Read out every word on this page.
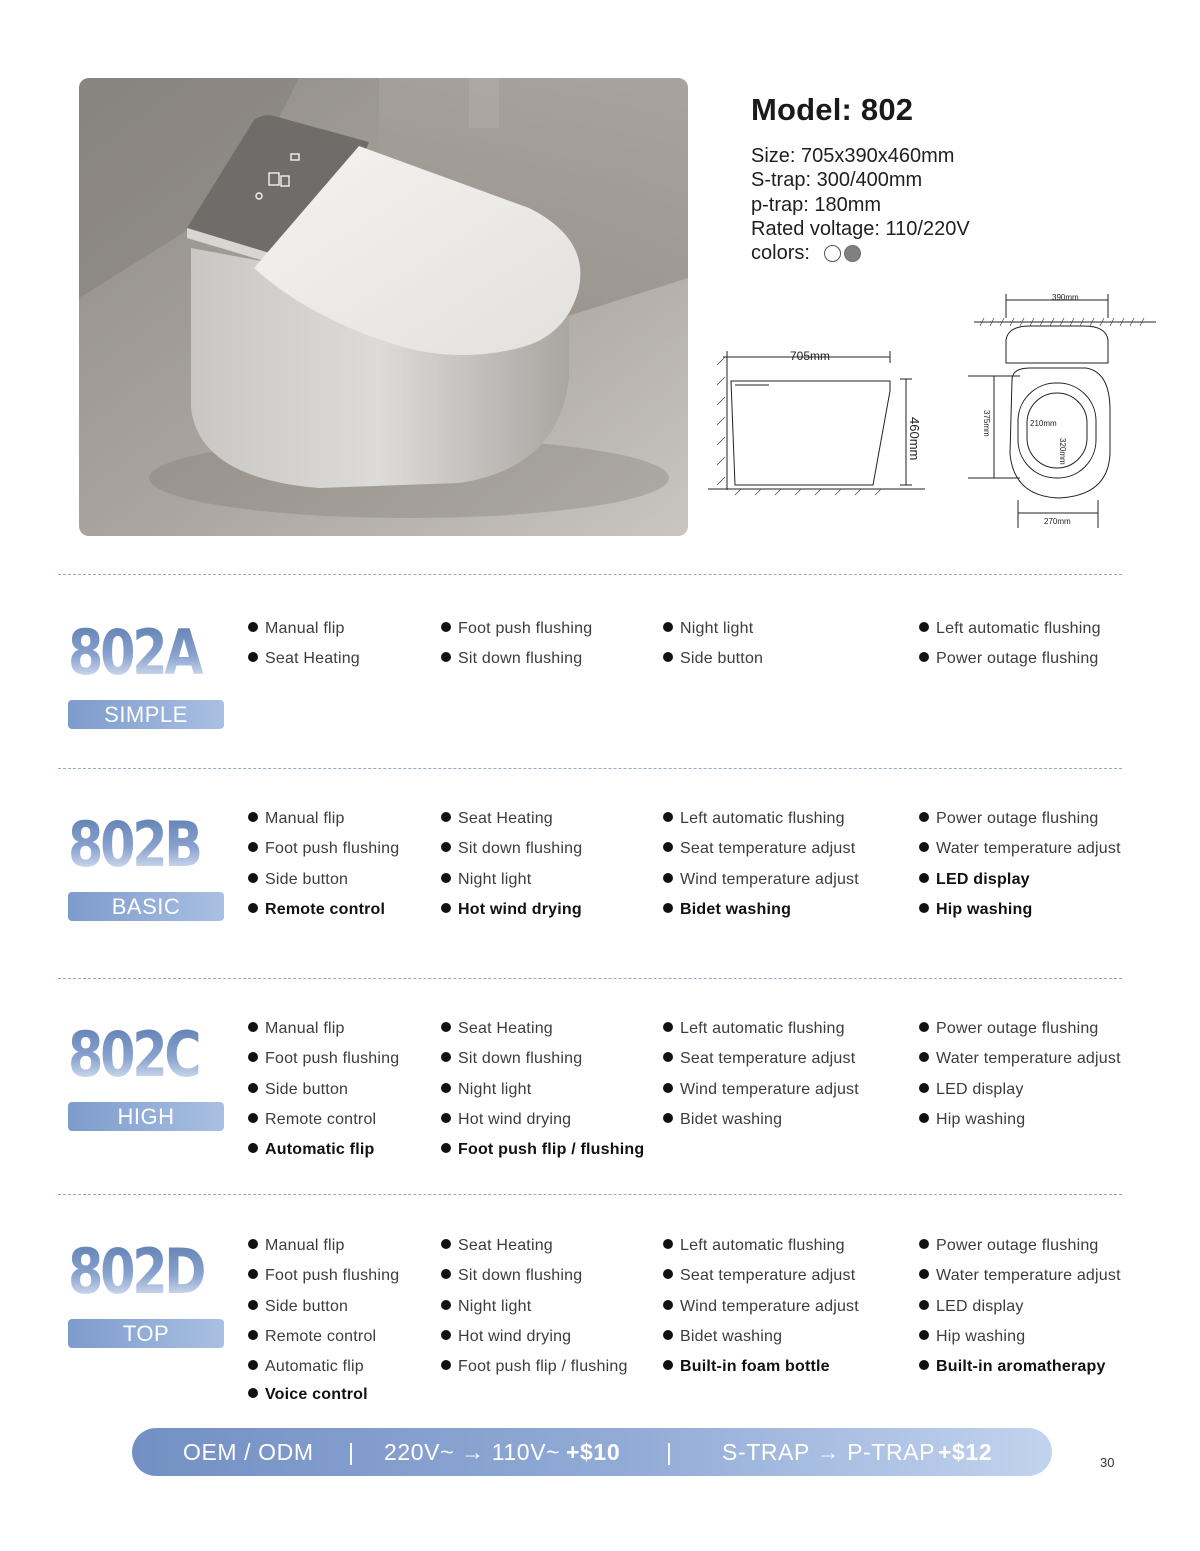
Model: 802
Size : 705x390x460mm
S-trap : 300/400mm
p-trap : 180mm
Rated voltage : 110/220V
colors :
705mm
460mm
390mm
375mm	210mm
320mm
270mm
802A
SIMPLE
Manual flip
Seat Heating
Foot push flushing
Sit down flushing
Night light
Side button
Left automatic flushing
Power outage flushing
802B
BASIC
Manual flip
Foot push flushing
Side button
Remote control
Seat Heating
Sit down flushing
Night light
Hot wind drying
Left automatic flushing
Seat temperature adjust
Wind temperature adjust
Bidet washing
Power outage flushing
Water temperature adjust
LED display
Hip washing
802C
HIGH
Manual flip
Foot push flushing
Side button
Remote control
Automatic flip
Seat Heating
Sit down flushing
Night light
Hot wind drying
Foot push flip / flushing
Left automatic flushing
Seat temperature adjust
Wind temperature adjust
Bidet washing
Power outage flushing
Water temperature adjust
LED display
Hip washing
802D
TOP
Manual flip
Foot push flushing
Side button
Remote control
Automatic flip
Voice control
Seat Heating
Sit down flushing
Night light
Hot wind drying
Foot push flip / flushing
Left automatic flushing
Seat temperature adjust
Wind temperature adjust
Bidet washing
Built-in foam bottle
Power outage flushing
Water temperature adjust
LED display
Hip washing
Built-in aromatherapy
OEM / ODM | 220V~ → 110V~ +$10 | S-TRAP → P-TRAP +$12	30
